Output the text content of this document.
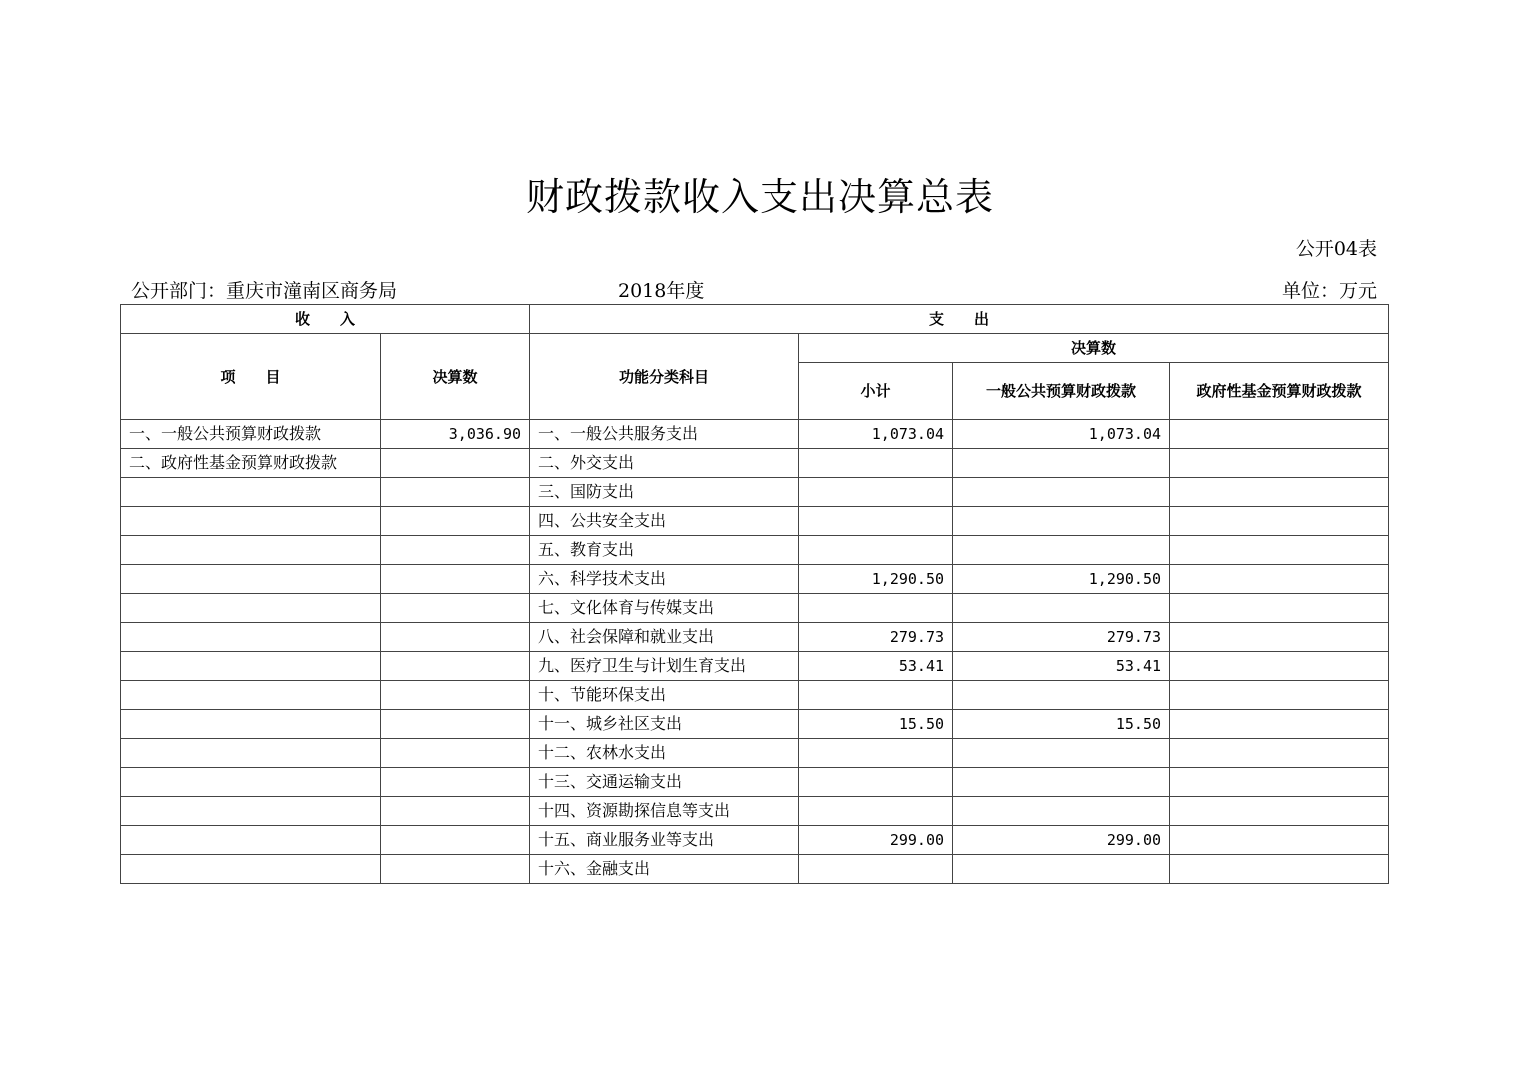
财政拨款收入支出决算总表
公开04表
公开部门：重庆市潼南区商务局	2018年度	单位：万元
收　　入		支　　出			
项　　目	决算数	功能分类科目	决算数		
			小计	一般公共预算财政拨款	政府性基金预算财政拨款
一、一般公共预算财政拨款	3,036.90	一、一般公共服务支出	1,073.04	1,073.04	
二、政府性基金预算财政拨款		二、外交支出			
		三、国防支出			
		四、公共安全支出			
		五、教育支出			
		六、科学技术支出	1,290.50	1,290.50	
		七、文化体育与传媒支出			
		八、社会保障和就业支出	279.73	279.73	
		九、医疗卫生与计划生育支出	53.41	53.41	
		十、节能环保支出			
		十一、城乡社区支出	15.50	15.50	
		十二、农林水支出			
		十三、交通运输支出			
		十四、资源勘探信息等支出			
		十五、商业服务业等支出	299.00	299.00	
		十六、金融支出			
